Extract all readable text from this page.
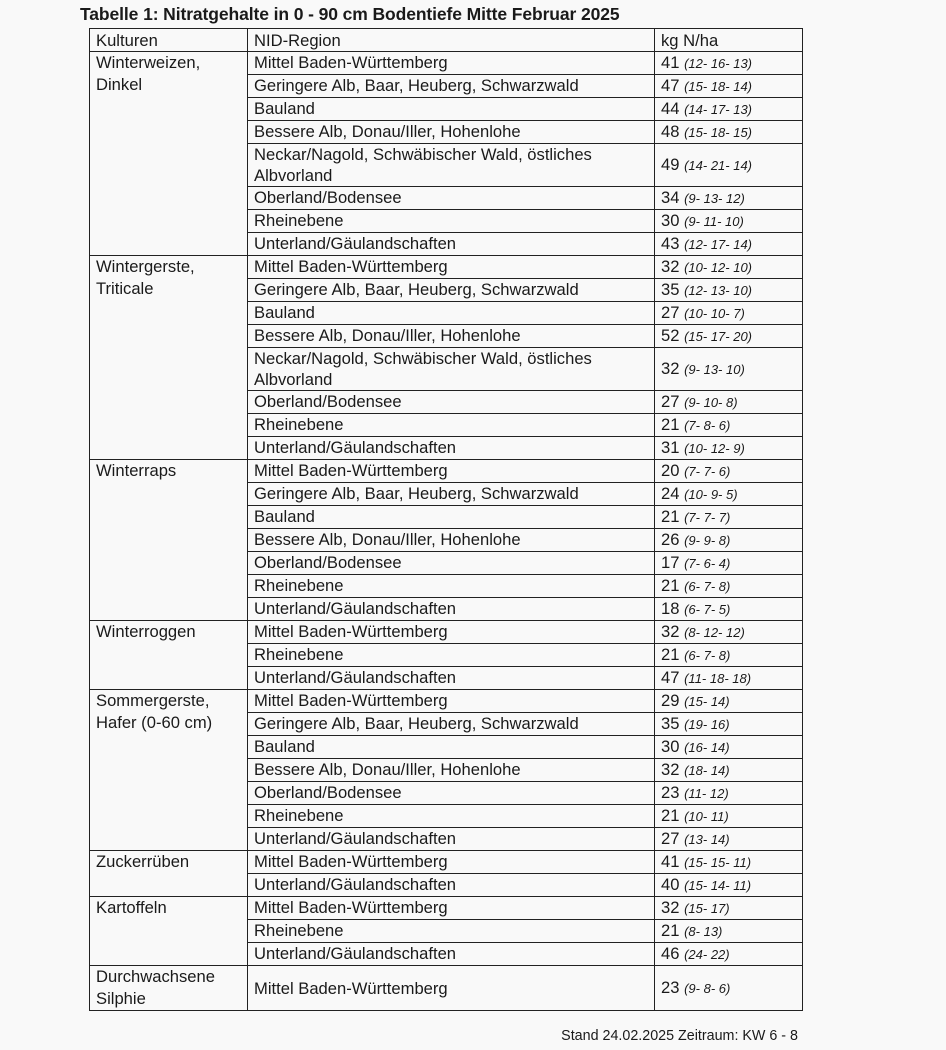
Tabelle 1: Nitratgehalte in 0 - 90 cm Bodentiefe Mitte Februar 2025
Kulturen	NID-Region	kg N/ha
Winterweizen, Dinkel	Mittel Baden-Württemberg	41 (12- 16- 13)
	Geringere Alb, Baar, Heuberg, Schwarzwald	47 (15- 18- 14)
	Bauland	44 (14- 17- 13)
	Bessere Alb, Donau/Iller, Hohenlohe	48 (15- 18- 15)
	Neckar/Nagold, Schwäbischer Wald, östliches Albvorland	49 (14- 21- 14)
	Oberland/Bodensee	34 (9- 13- 12)
	Rheinebene	30 (9- 11- 10)
	Unterland/Gäulandschaften	43 (12- 17- 14)
Wintergerste, Triticale	Mittel Baden-Württemberg	32 (10- 12- 10)
	Geringere Alb, Baar, Heuberg, Schwarzwald	35 (12- 13- 10)
	Bauland	27 (10- 10- 7)
	Bessere Alb, Donau/Iller, Hohenlohe	52 (15- 17- 20)
	Neckar/Nagold, Schwäbischer Wald, östliches Albvorland	32 (9- 13- 10)
	Oberland/Bodensee	27 (9- 10- 8)
	Rheinebene	21 (7- 8- 6)
	Unterland/Gäulandschaften	31 (10- 12- 9)
Winterraps	Mittel Baden-Württemberg	20 (7- 7- 6)
	Geringere Alb, Baar, Heuberg, Schwarzwald	24 (10- 9- 5)
	Bauland	21 (7- 7- 7)
	Bessere Alb, Donau/Iller, Hohenlohe	26 (9- 9- 8)
	Oberland/Bodensee	17 (7- 6- 4)
	Rheinebene	21 (6- 7- 8)
	Unterland/Gäulandschaften	18 (6- 7- 5)
Winterroggen	Mittel Baden-Württemberg	32 (8- 12- 12)
	Rheinebene	21 (6- 7- 8)
	Unterland/Gäulandschaften	47 (11- 18- 18)
Sommergerste, Hafer (0-60 cm)	Mittel Baden-Württemberg	29 (15- 14)
	Geringere Alb, Baar, Heuberg, Schwarzwald	35 (19- 16)
	Bauland	30 (16- 14)
	Bessere Alb, Donau/Iller, Hohenlohe	32 (18- 14)
	Oberland/Bodensee	23 (11- 12)
	Rheinebene	21 (10- 11)
	Unterland/Gäulandschaften	27 (13- 14)
Zuckerrüben	Mittel Baden-Württemberg	41 (15- 15- 11)
	Unterland/Gäulandschaften	40 (15- 14- 11)
Kartoffeln	Mittel Baden-Württemberg	32 (15- 17)
	Rheinebene	21 (8- 13)
	Unterland/Gäulandschaften	46 (24- 22)
Durchwachsene Silphie	Mittel Baden-Württemberg	23 (9- 8- 6)
Stand 24.02.2025 Zeitraum: KW 6 - 8
